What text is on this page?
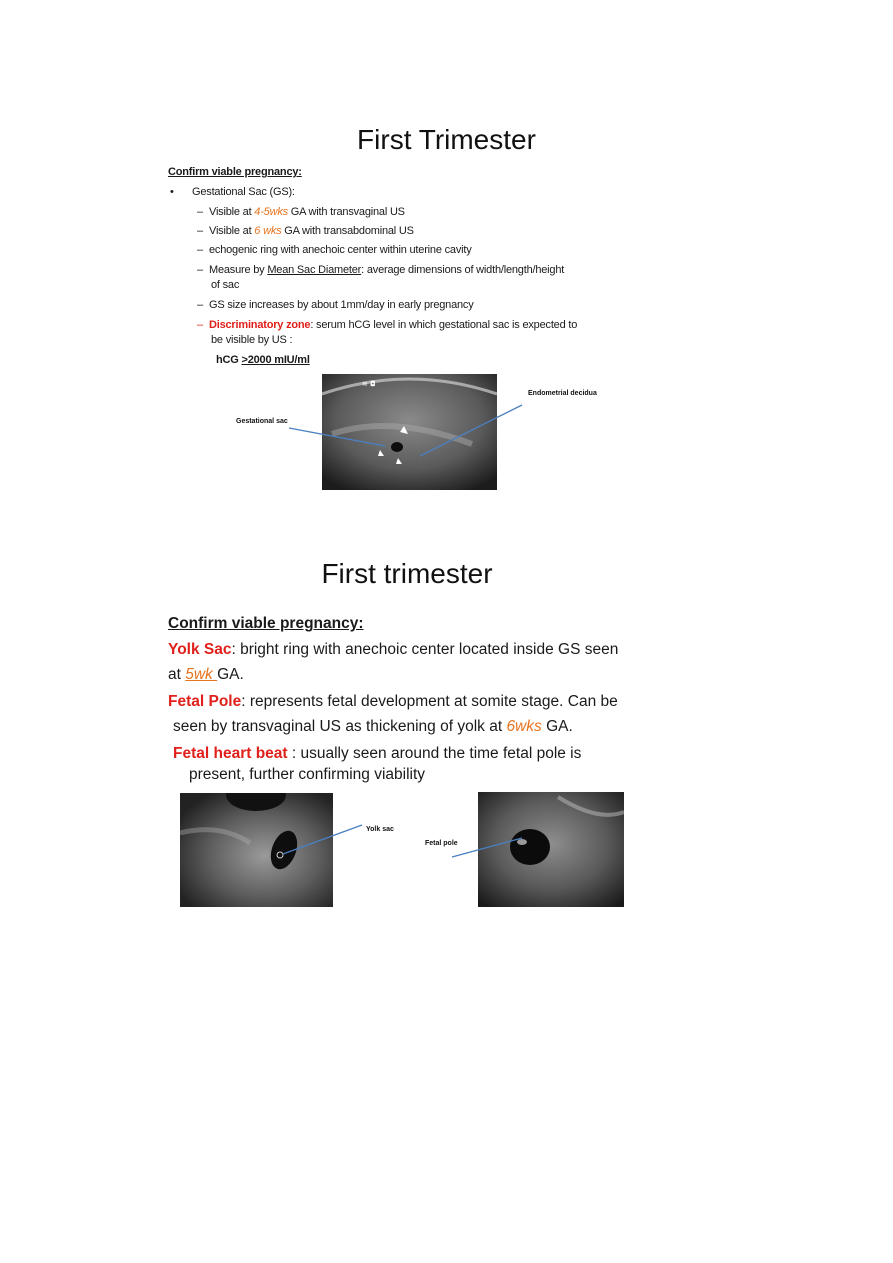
First Trimester
Confirm viable pregnancy:
• Gestational Sac (GS):
– Visible at 4-5wks GA with transvaginal US
– Visible at 6 wks GA with transabdominal US
– echogenic ring with anechoic center within uterine cavity
– Measure by Mean Sac Diameter: average dimensions of width/length/height
of sac
– GS size increases by about 1mm/day in early pregnancy
– Discriminatory zone: serum hCG level in which gestational sac is expected to
be visible by US :
hCG >2000 mIU/ml
≋ ◘
Endometrial decidua
Gestational sac
First trimester
Confirm viable pregnancy:
Yolk Sac: bright ring with anechoic center located inside GS seen
at 5wk GA.
Fetal Pole: represents fetal development at somite stage. Can be
seen by transvaginal US as thickening of yolk at 6wks GA.
Fetal heart beat : usually seen around the time fetal pole is
present, further confirming viability
Yolk sac
Fetal pole
